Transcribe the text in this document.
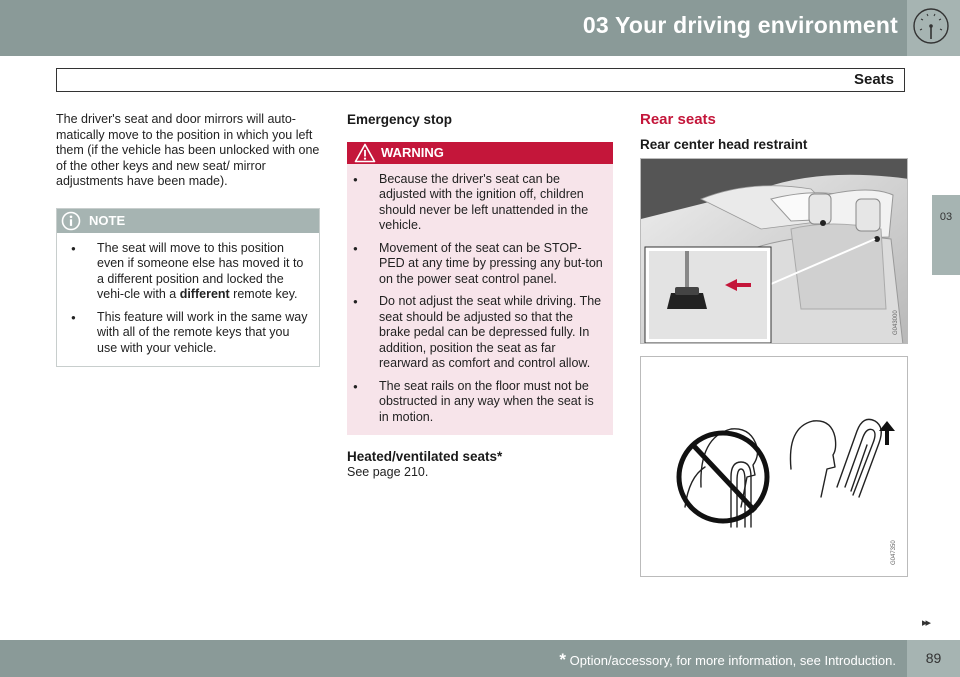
03 Your driving environment
Seats
03

The driver's seat and door mirrors will auto-matically move to the position in which you left them (if the vehicle has been unlocked with one of the other keys and new seat/ mirror adjustments have been made).

NOTE
● The seat will move to this position even if someone else has moved it to a different position and locked the vehi-cle with a different remote key.
● This feature will work in the same way with all of the remote keys that you use with your vehicle.
Emergency stop
WARNING
● Because the driver's seat can be adjusted with the ignition off, children should never be left unattended in the vehicle.
● Movement of the seat can be STOP-PED at any time by pressing any but-ton on the power seat control panel.
● Do not adjust the seat while driving. The seat should be adjusted so that the brake pedal can be depressed fully. In addition, position the seat as far rearward as comfort and control allow.
● The seat rails on the floor must not be obstructed in any way when the seat is in motion.
Heated/ventilated seats*
See page 210.
Rear seats
Rear center head restraint
G043000
G047350
▸▸
* Option/accessory, for more information, see Introduction.	89
